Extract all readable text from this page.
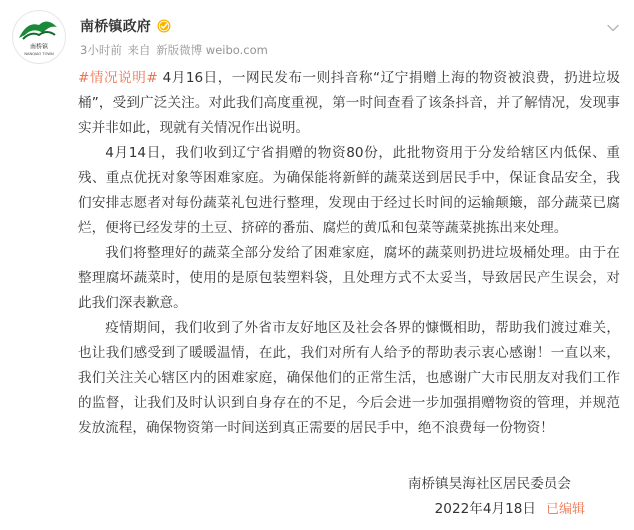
南桥镇
NANQIAO TOWN
南桥镇政府
3小时前 来自 新版微博 weibo.com

#情况说明# 4月16日，一网民发布一则抖音称“辽宁捐赠上海的物资被浪费，扔进垃圾桶”，受到广泛关注。对此我们高度重视，第一时间查看了该条抖音，并了解情况，发现事实并非如此，现就有关情况作出说明。

4月14日，我们收到辽宁省捐赠的物资80份，此批物资用于分发给辖区内低保、重残、重点优抚对象等困难家庭。为确保能将新鲜的蔬菜送到居民手中，保证食品安全，我们安排志愿者对每份蔬菜礼包进行整理，发现由于经过长时间的运输颠簸，部分蔬菜已腐烂，便将已经发芽的土豆、挤碎的番茄、腐烂的黄瓜和包菜等蔬菜挑拣出来处理。

我们将整理好的蔬菜全部分发给了困难家庭，腐坏的蔬菜则扔进垃圾桶处理。由于在整理腐坏蔬菜时，使用的是原包装塑料袋，且处理方式不太妥当，导致居民产生误会，对此我们深表歉意。

疫情期间，我们收到了外省市友好地区及社会各界的慷慨相助，帮助我们渡过难关，也让我们感受到了暖暖温情，在此，我们对所有人给予的帮助表示衷心感谢！一直以来，我们关注关心辖区内的困难家庭，确保他们的正常生活，也感谢广大市民朋友对我们工作的监督，让我们及时认识到自身存在的不足，今后会进一步加强捐赠物资的管理，并规范发放流程，确保物资第一时间送到真正需要的居民手中，绝不浪费每一份物资！

南桥镇昊海社区居民委员会
2022年4月18日 已编辑
